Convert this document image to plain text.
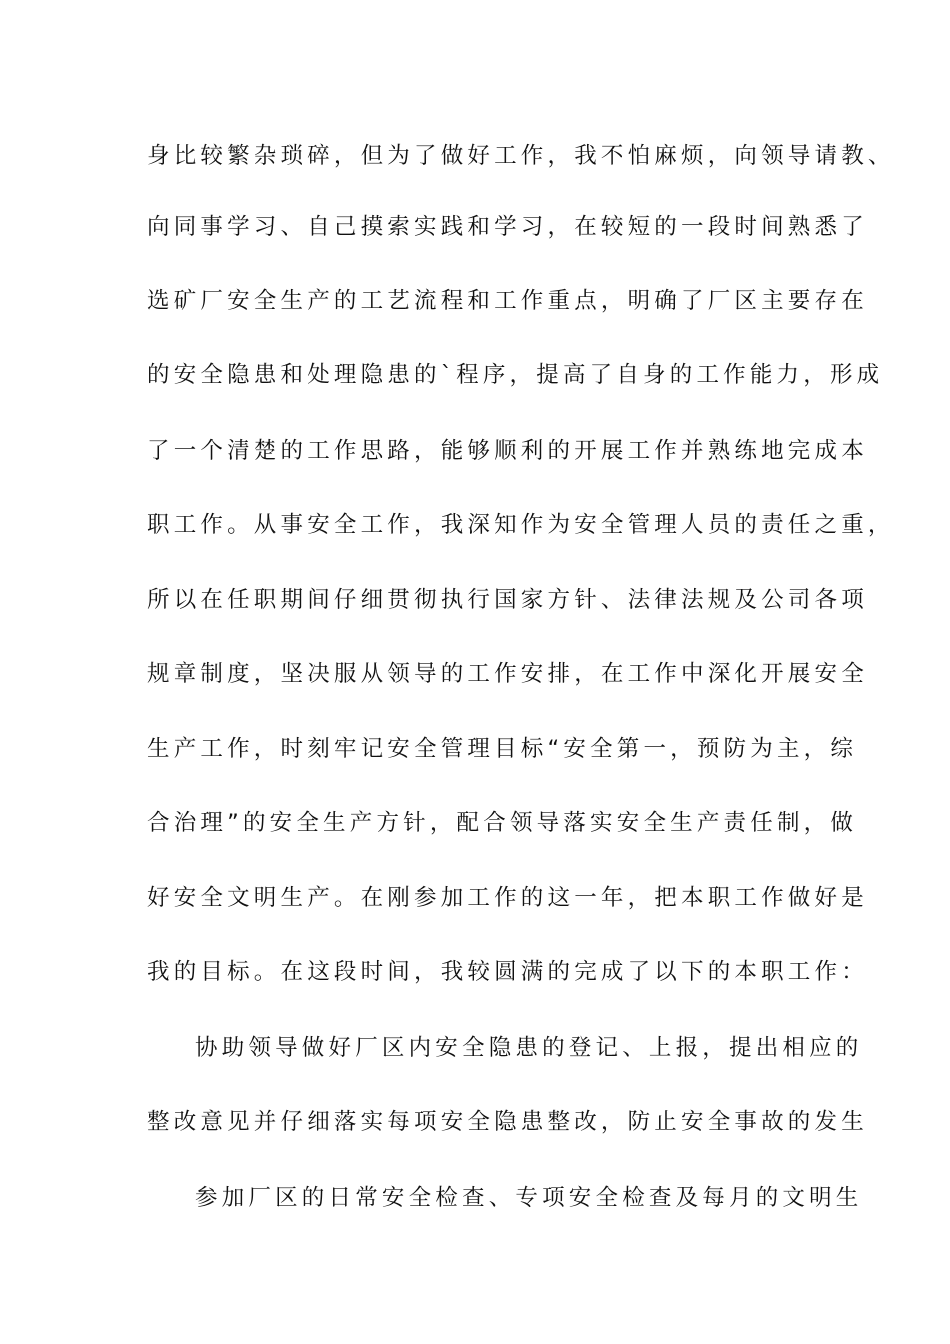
身比较繁杂琐碎，但为了做好工作，我不怕麻烦，向领导请教、
向同事学习、自己摸索实践和学习，在较短的一段时间熟悉了
选矿厂安全生产的工艺流程和工作重点，明确了厂区主要存在
的安全隐患和处理隐患的`程序，提高了自身的工作能力，形成
了一个清楚的工作思路，能够顺利的开展工作并熟练地完成本
职工作。从事安全工作，我深知作为安全管理人员的责任之重，
所以在任职期间仔细贯彻执行国家方针、法律法规及公司各项
规章制度，坚决服从领导的工作安排，在工作中深化开展安全
生产工作，时刻牢记安全管理目标“安全第一，预防为主，综
合治理”的安全生产方针，配合领导落实安全生产责任制，做
好安全文明生产。在刚参加工作的这一年，把本职工作做好是
我的目标。在这段时间，我较圆满的完成了以下的本职工作：
协助领导做好厂区内安全隐患的登记、上报，提出相应的
整改意见并仔细落实每项安全隐患整改，防止安全事故的发生
参加厂区的日常安全检查、专项安全检查及每月的文明生
